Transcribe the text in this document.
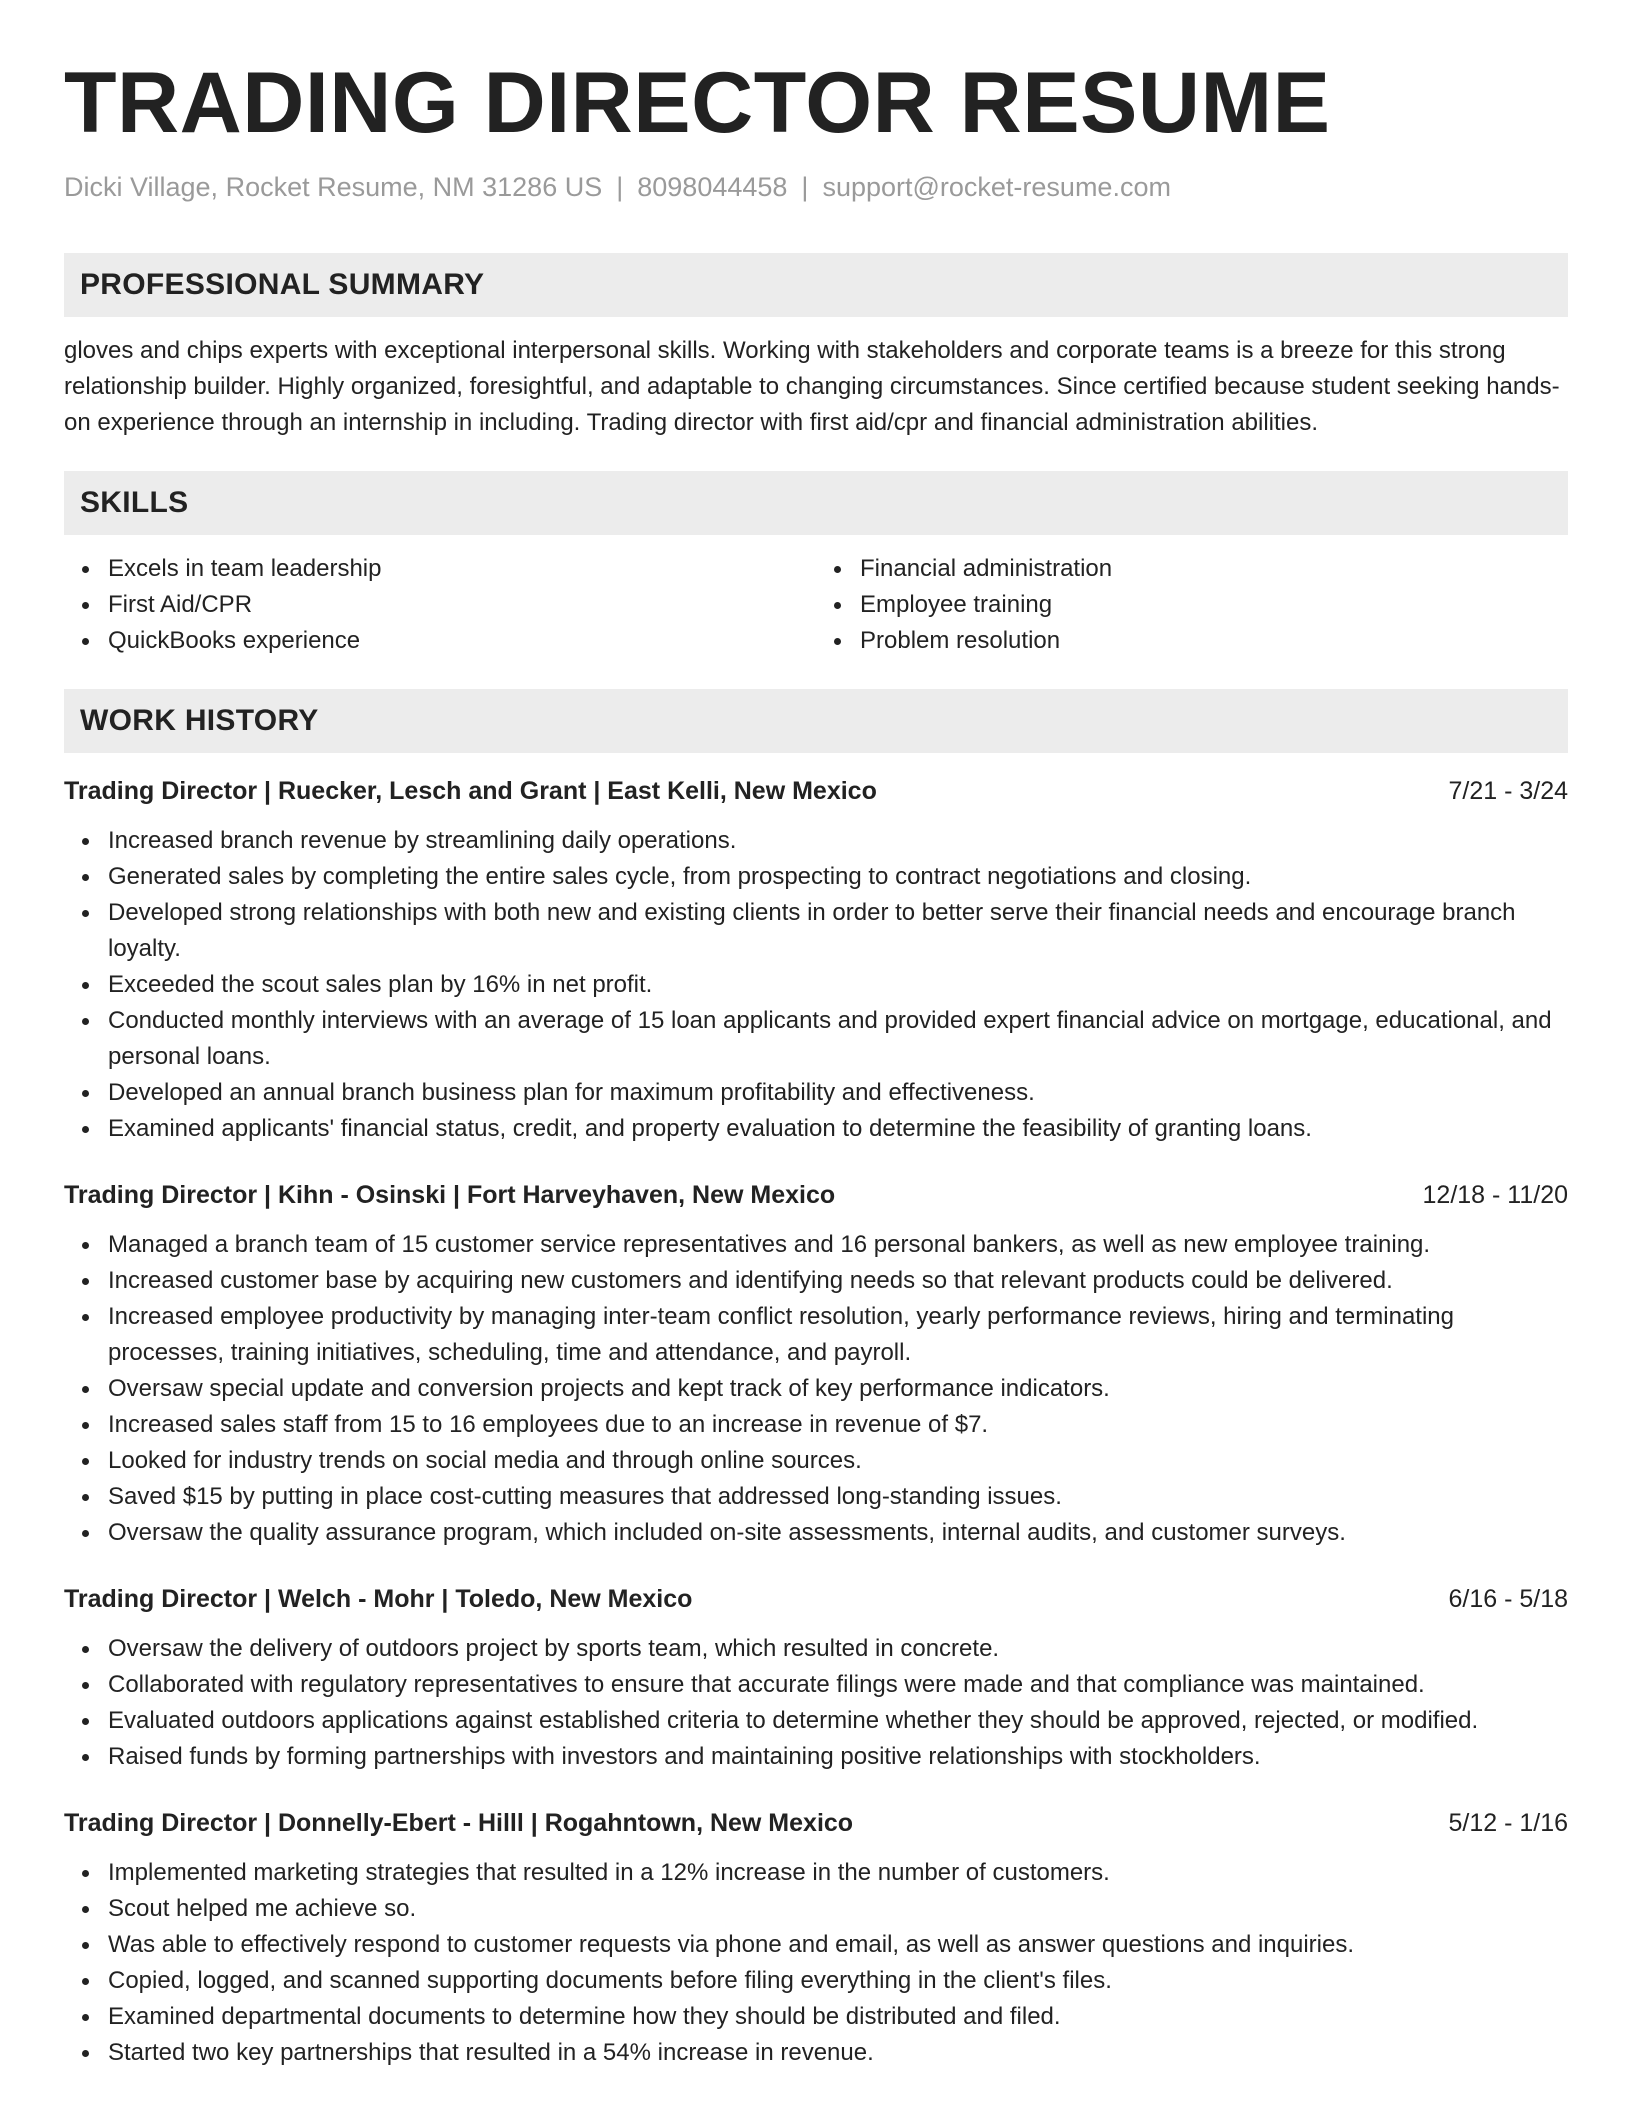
TRADING DIRECTOR RESUME
Dicki Village, Rocket Resume, NM 31286 US | 8098044458 | support@rocket-resume.com
PROFESSIONAL SUMMARY

gloves and chips experts with exceptional interpersonal skills. Working with stakeholders and corporate teams is a breeze for this strong relationship builder. Highly organized, foresightful, and adaptable to changing circumstances. Since certified because student seeking hands-on experience through an internship in including. Trading director with first aid/cpr and financial administration abilities.

SKILLS
Excels in team leadership
First Aid/CPR
QuickBooks experience
Financial administration
Employee training
Problem resolution
WORK HISTORY
Trading Director | Ruecker, Lesch and Grant | East Kelli, New Mexico	7/21 - 3/24
Increased branch revenue by streamlining daily operations.
Generated sales by completing the entire sales cycle, from prospecting to contract negotiations and closing.
Developed strong relationships with both new and existing clients in order to better serve their financial needs and encourage branch loyalty.
Exceeded the scout sales plan by 16% in net profit.
Conducted monthly interviews with an average of 15 loan applicants and provided expert financial advice on mortgage, educational, and personal loans.
Developed an annual branch business plan for maximum profitability and effectiveness.
Examined applicants' financial status, credit, and property evaluation to determine the feasibility of granting loans.
Trading Director | Kihn - Osinski | Fort Harveyhaven, New Mexico	12/18 - 11/20
Managed a branch team of 15 customer service representatives and 16 personal bankers, as well as new employee training.
Increased customer base by acquiring new customers and identifying needs so that relevant products could be delivered.
Increased employee productivity by managing inter-team conflict resolution, yearly performance reviews, hiring and terminating processes, training initiatives, scheduling, time and attendance, and payroll.
Oversaw special update and conversion projects and kept track of key performance indicators.
Increased sales staff from 15 to 16 employees due to an increase in revenue of $7.
Looked for industry trends on social media and through online sources.
Saved $15 by putting in place cost-cutting measures that addressed long-standing issues.
Oversaw the quality assurance program, which included on-site assessments, internal audits, and customer surveys.
Trading Director | Welch - Mohr | Toledo, New Mexico	6/16 - 5/18
Oversaw the delivery of outdoors project by sports team, which resulted in concrete.
Collaborated with regulatory representatives to ensure that accurate filings were made and that compliance was maintained.
Evaluated outdoors applications against established criteria to determine whether they should be approved, rejected, or modified.
Raised funds by forming partnerships with investors and maintaining positive relationships with stockholders.
Trading Director | Donnelly-Ebert - Hilll | Rogahntown, New Mexico	5/12 - 1/16
Implemented marketing strategies that resulted in a 12% increase in the number of customers.
Scout helped me achieve so.
Was able to effectively respond to customer requests via phone and email, as well as answer questions and inquiries.
Copied, logged, and scanned supporting documents before filing everything in the client's files.
Examined departmental documents to determine how they should be distributed and filed.
Started two key partnerships that resulted in a 54% increase in revenue.
